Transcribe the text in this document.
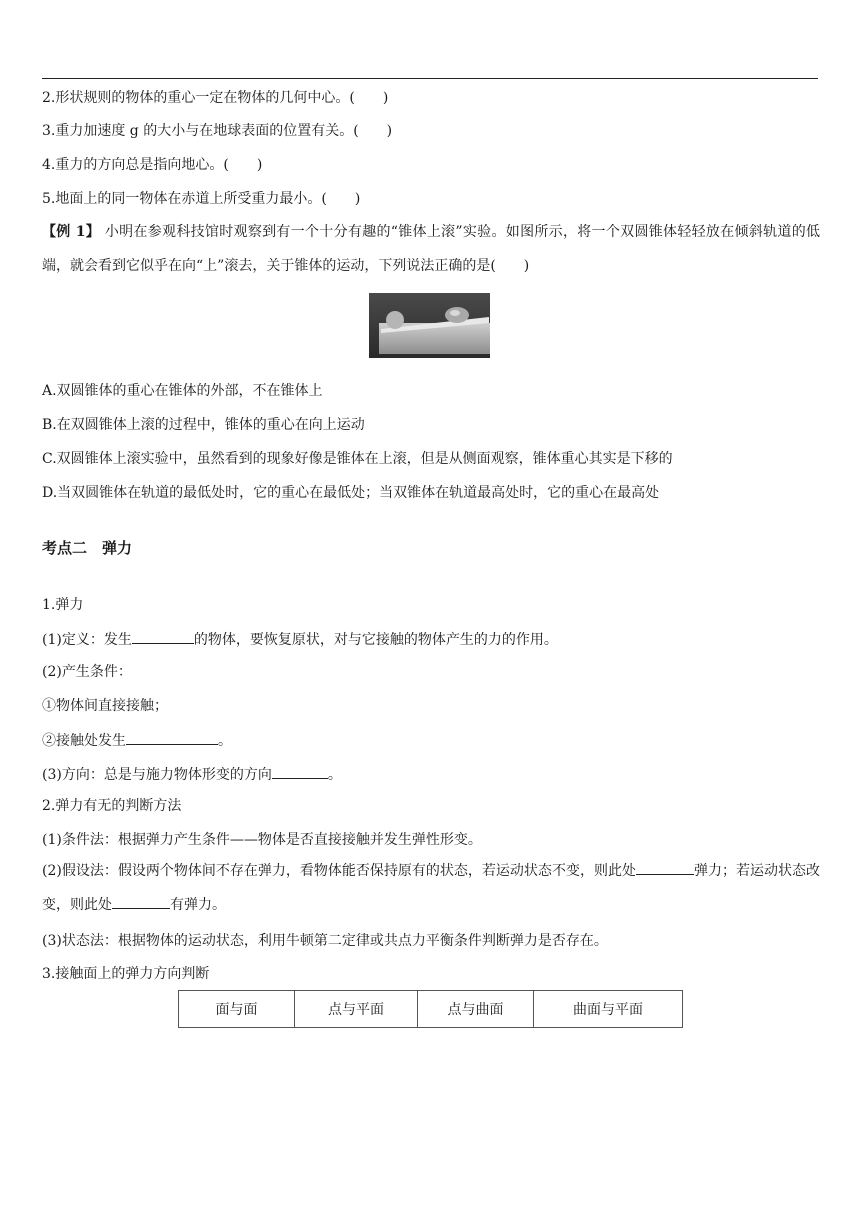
2.形状规则的物体的重心一定在物体的几何中心。(　　)
3.重力加速度 g 的大小与在地球表面的位置有关。(　　)
4.重力的方向总是指向地心。(　　)
5.地面上的同一物体在赤道上所受重力最小。(　　)
【例 1】 小明在参观科技馆时观察到有一个十分有趣的“锥体上滚”实验。如图所示，将一个双圆锥体轻轻放在倾斜轨道的低端，就会看到它似乎在向“上”滚去，关于锥体的运动，下列说法正确的是(　　)
A.双圆锥体的重心在锥体的外部，不在锥体上
B.在双圆锥体上滚的过程中，锥体的重心在向上运动
C.双圆锥体上滚实验中，虽然看到的现象好像是锥体在上滚，但是从侧面观察，锥体重心其实是下移的
D.当双圆锥体在轨道的最低处时，它的重心在最低处；当双锥体在轨道最高处时，它的重心在最高处
考点二　弹力
1.弹力
(1)定义：发生	的物体，要恢复原状，对与它接触的物体产生的力的作用。
(2)产生条件：
①物体间直接接触；
②接触处发生	。
(3)方向：总是与施力物体形变的方向	。
2.弹力有无的判断方法
(1)条件法：根据弹力产生条件——物体是否直接接触并发生弹性形变。
(2)假设法：假设两个物体间不存在弹力，看物体能否保持原有的状态，若运动状态不变，则此处	弹力；若运动状态改变，则此处	有弹力。
(3)状态法：根据物体的运动状态，利用牛顿第二定律或共点力平衡条件判断弹力是否存在。
3.接触面上的弹力方向判断
面与面	点与平面	点与曲面	曲面与平面
